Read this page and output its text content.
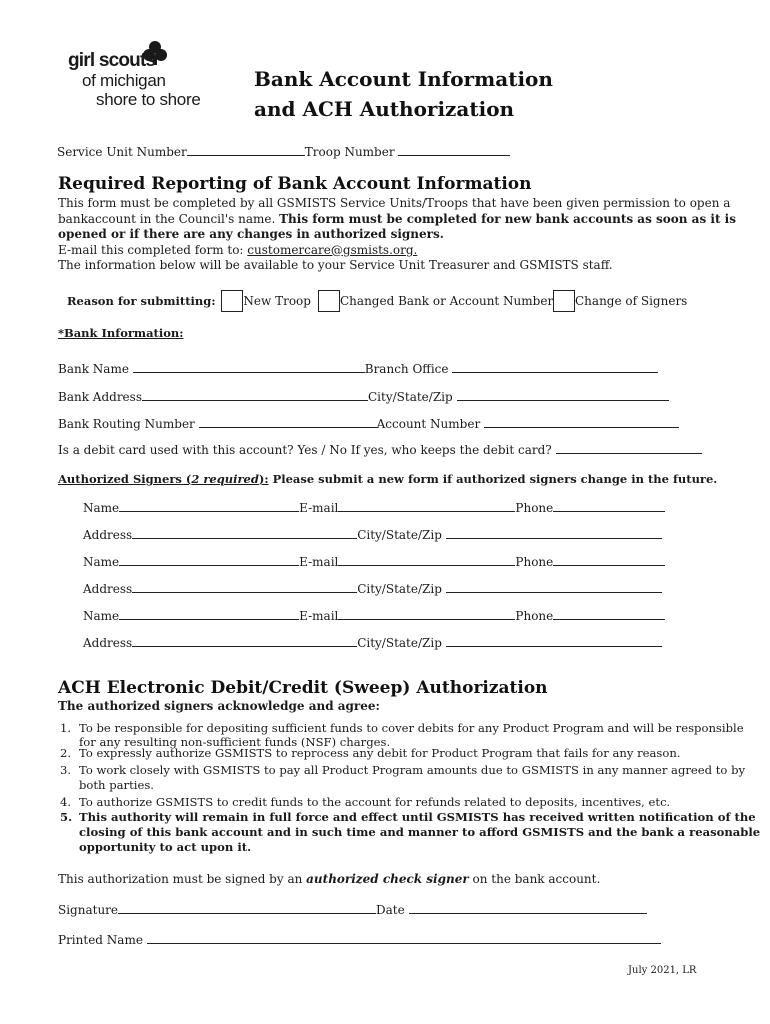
girl scouts
of michigan
shore to shore
Bank Account Information
and ACH Authorization
Service Unit Number	Troop Number
Required Reporting of Bank Account Information
This form must be completed by all GSMISTS Service Units/Troops that have been given permission to open a
bankaccount in the Council's name. This form must be completed for new bank accounts as soon as it is
opened or if there are any changes in authorized signers.
E-mail this completed form to: customercare@gsmists.org.
The information below will be available to your Service Unit Treasurer and GSMISTS staff.
Reason for submitting: New Troop	Changed Bank or Account Number	Change of Signers
*Bank Information:
Bank Name	Branch Office
Bank Address	City/State/Zip
Bank Routing Number	Account Number
Is a debit card used with this account? Yes / No If yes, who keeps the debit card?
Authorized Signers (2 required): Please submit a new form if authorized signers change in the future.
Name	E-mail	Phone
Address	City/State/Zip
Name	E-mail	Phone
Address	City/State/Zip
Name	E-mail	Phone
Address	City/State/Zip
ACH Electronic Debit/Credit (Sweep) Authorization
The authorized signers acknowledge and agree:
1. To be responsible for depositing sufficient funds to cover debits for any Product Program and will be responsible
for any resulting non-sufficient funds (NSF) charges.
2. To expressly authorize GSMISTS to reprocess any debit for Product Program that fails for any reason.
3. To work closely with GSMISTS to pay all Product Program amounts due to GSMISTS in any manner agreed to by
both parties.
4. To authorize GSMISTS to credit funds to the account for refunds related to deposits, incentives, etc.
5. This authority will remain in full force and effect until GSMISTS has received written notification of the
closing of this bank account and in such time and manner to afford GSMISTS and the bank a reasonable
opportunity to act upon it.
This authorization must be signed by an authorized check signer on the bank account.
Signature	Date
Printed Name
July 2021, LR
